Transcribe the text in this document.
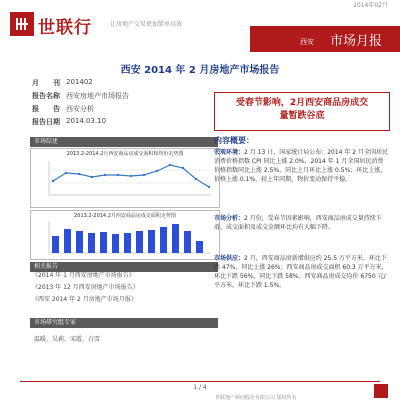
2014年02月
世联行	让房地产交易更加简单高效
西安 市场月报
西安 2014 年 2 月房地产市场报告
月　　刊 201402
报告名称 西安房地产市场报告
报　　告 西安分析
报告日期 2014.03.10
市场综述
2013.2-2014.2月西安商品房成交面积和均价走势图
2013.2-2014.2月西安商品房成交面积走势图
相关报告
《2014 年 1 月西安房地产市场报告》
《2013 年 12 月西安房地产市场报告》
《西安 2014 年 2 月房地产市场月报》
市场研究组专家
温暖、吴莉、宋霞、白雪
受春节影响，2月西安商品房成交
量暂跌谷底
内容概要：
宏观环境：2 月 13 日，国家统计局公布：2014 年 2 月全国居民消费价格指数 CPI 同比上涨 2.0%，2014 年 1 月全国居民消费价格指数同比上涨 2.5%，同比上月环比上涨 0.5%；环比上涨，价格上涨 0.1%，较上年同期，物价变动保持平稳。
市场分析：2 月份，受春节因素影响，西安商品房成交量持续下滑，成交面积及成交金额环比均有大幅下降。
市场供应：2 月，西安商品房新增供应约 25.5 万平方米，环比下跌 47%，同比上涨 26%；西安商品房成交面积 60.3 万平方米，环比下跌 56%，同比下跌 58%。西安商品房成交均价 6750 元/平方米，环比下跌 1.5%。
1 / 4
世联地产顾问股份有限公司 版权所有
